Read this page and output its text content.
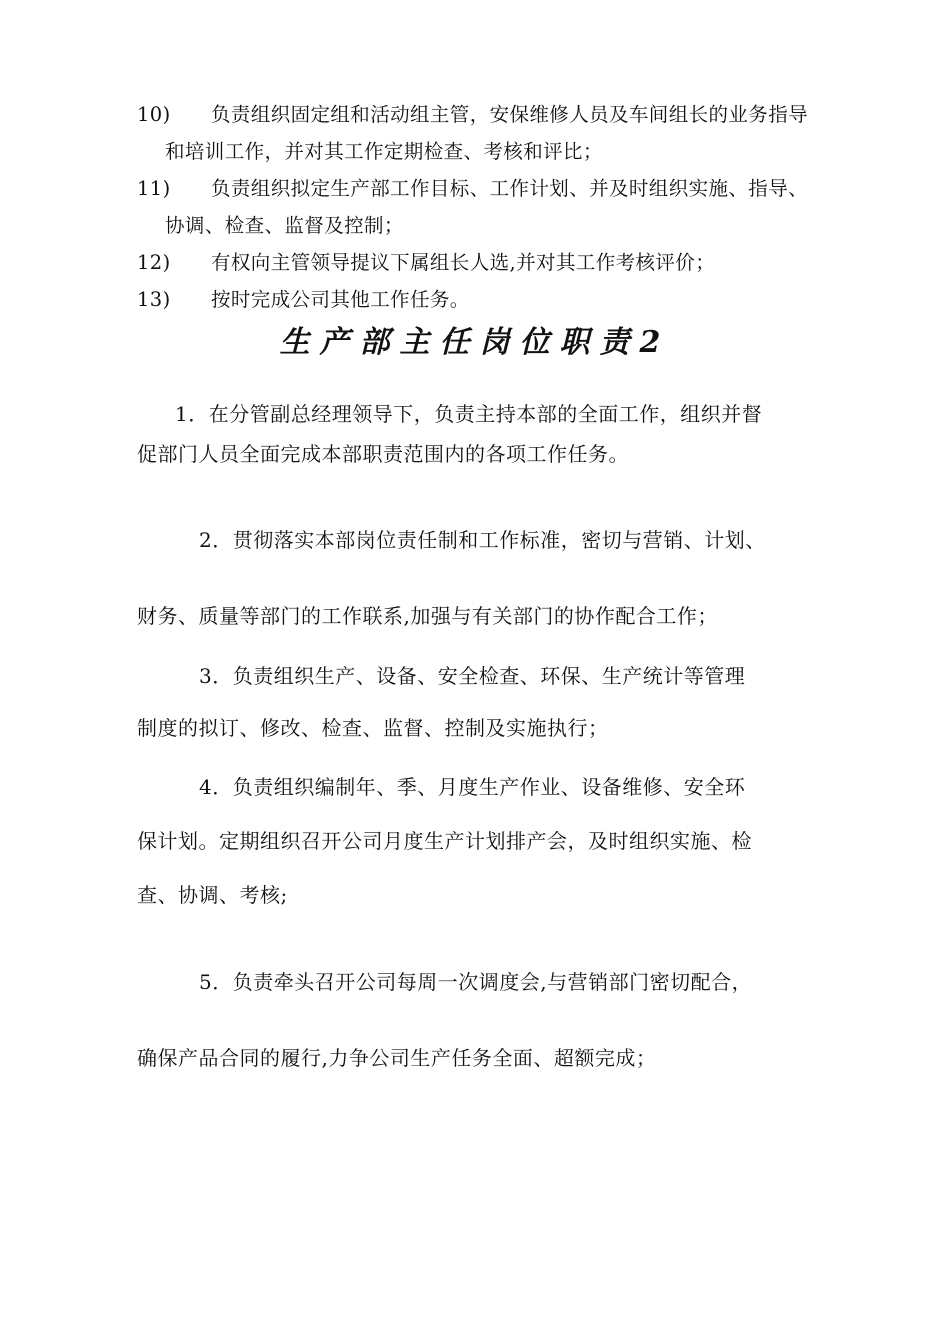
10)	负责组织固定组和活动组主管，安保维修人员及车间组长的业务指导和培训工作，并对其工作定期检查、考核和评比；
11)	负责组织拟定生产部工作目标、工作计划、并及时组织实施、指导、协调、检查、监督及控制；
12)	有权向主管领导提议下属组长人选,并对其工作考核评价；
13)	按时完成公司其他工作任务。
生产部主任岗位职责2
1．在分管副总经理领导下，负责主持本部的全面工作，组织并督
促部门人员全面完成本部职责范围内的各项工作任务。
2．贯彻落实本部岗位责任制和工作标准，密切与营销、计划、
财务、质量等部门的工作联系,加强与有关部门的协作配合工作；
3．负责组织生产、设备、安全检查、环保、生产统计等管理
制度的拟订、修改、检查、监督、控制及实施执行；
4．负责组织编制年、季、月度生产作业、设备维修、安全环
保计划。定期组织召开公司月度生产计划排产会，及时组织实施、检
查、协调、考核;
5．负责牵头召开公司每周一次调度会,与营销部门密切配合，
确保产品合同的履行,力争公司生产任务全面、超额完成；
